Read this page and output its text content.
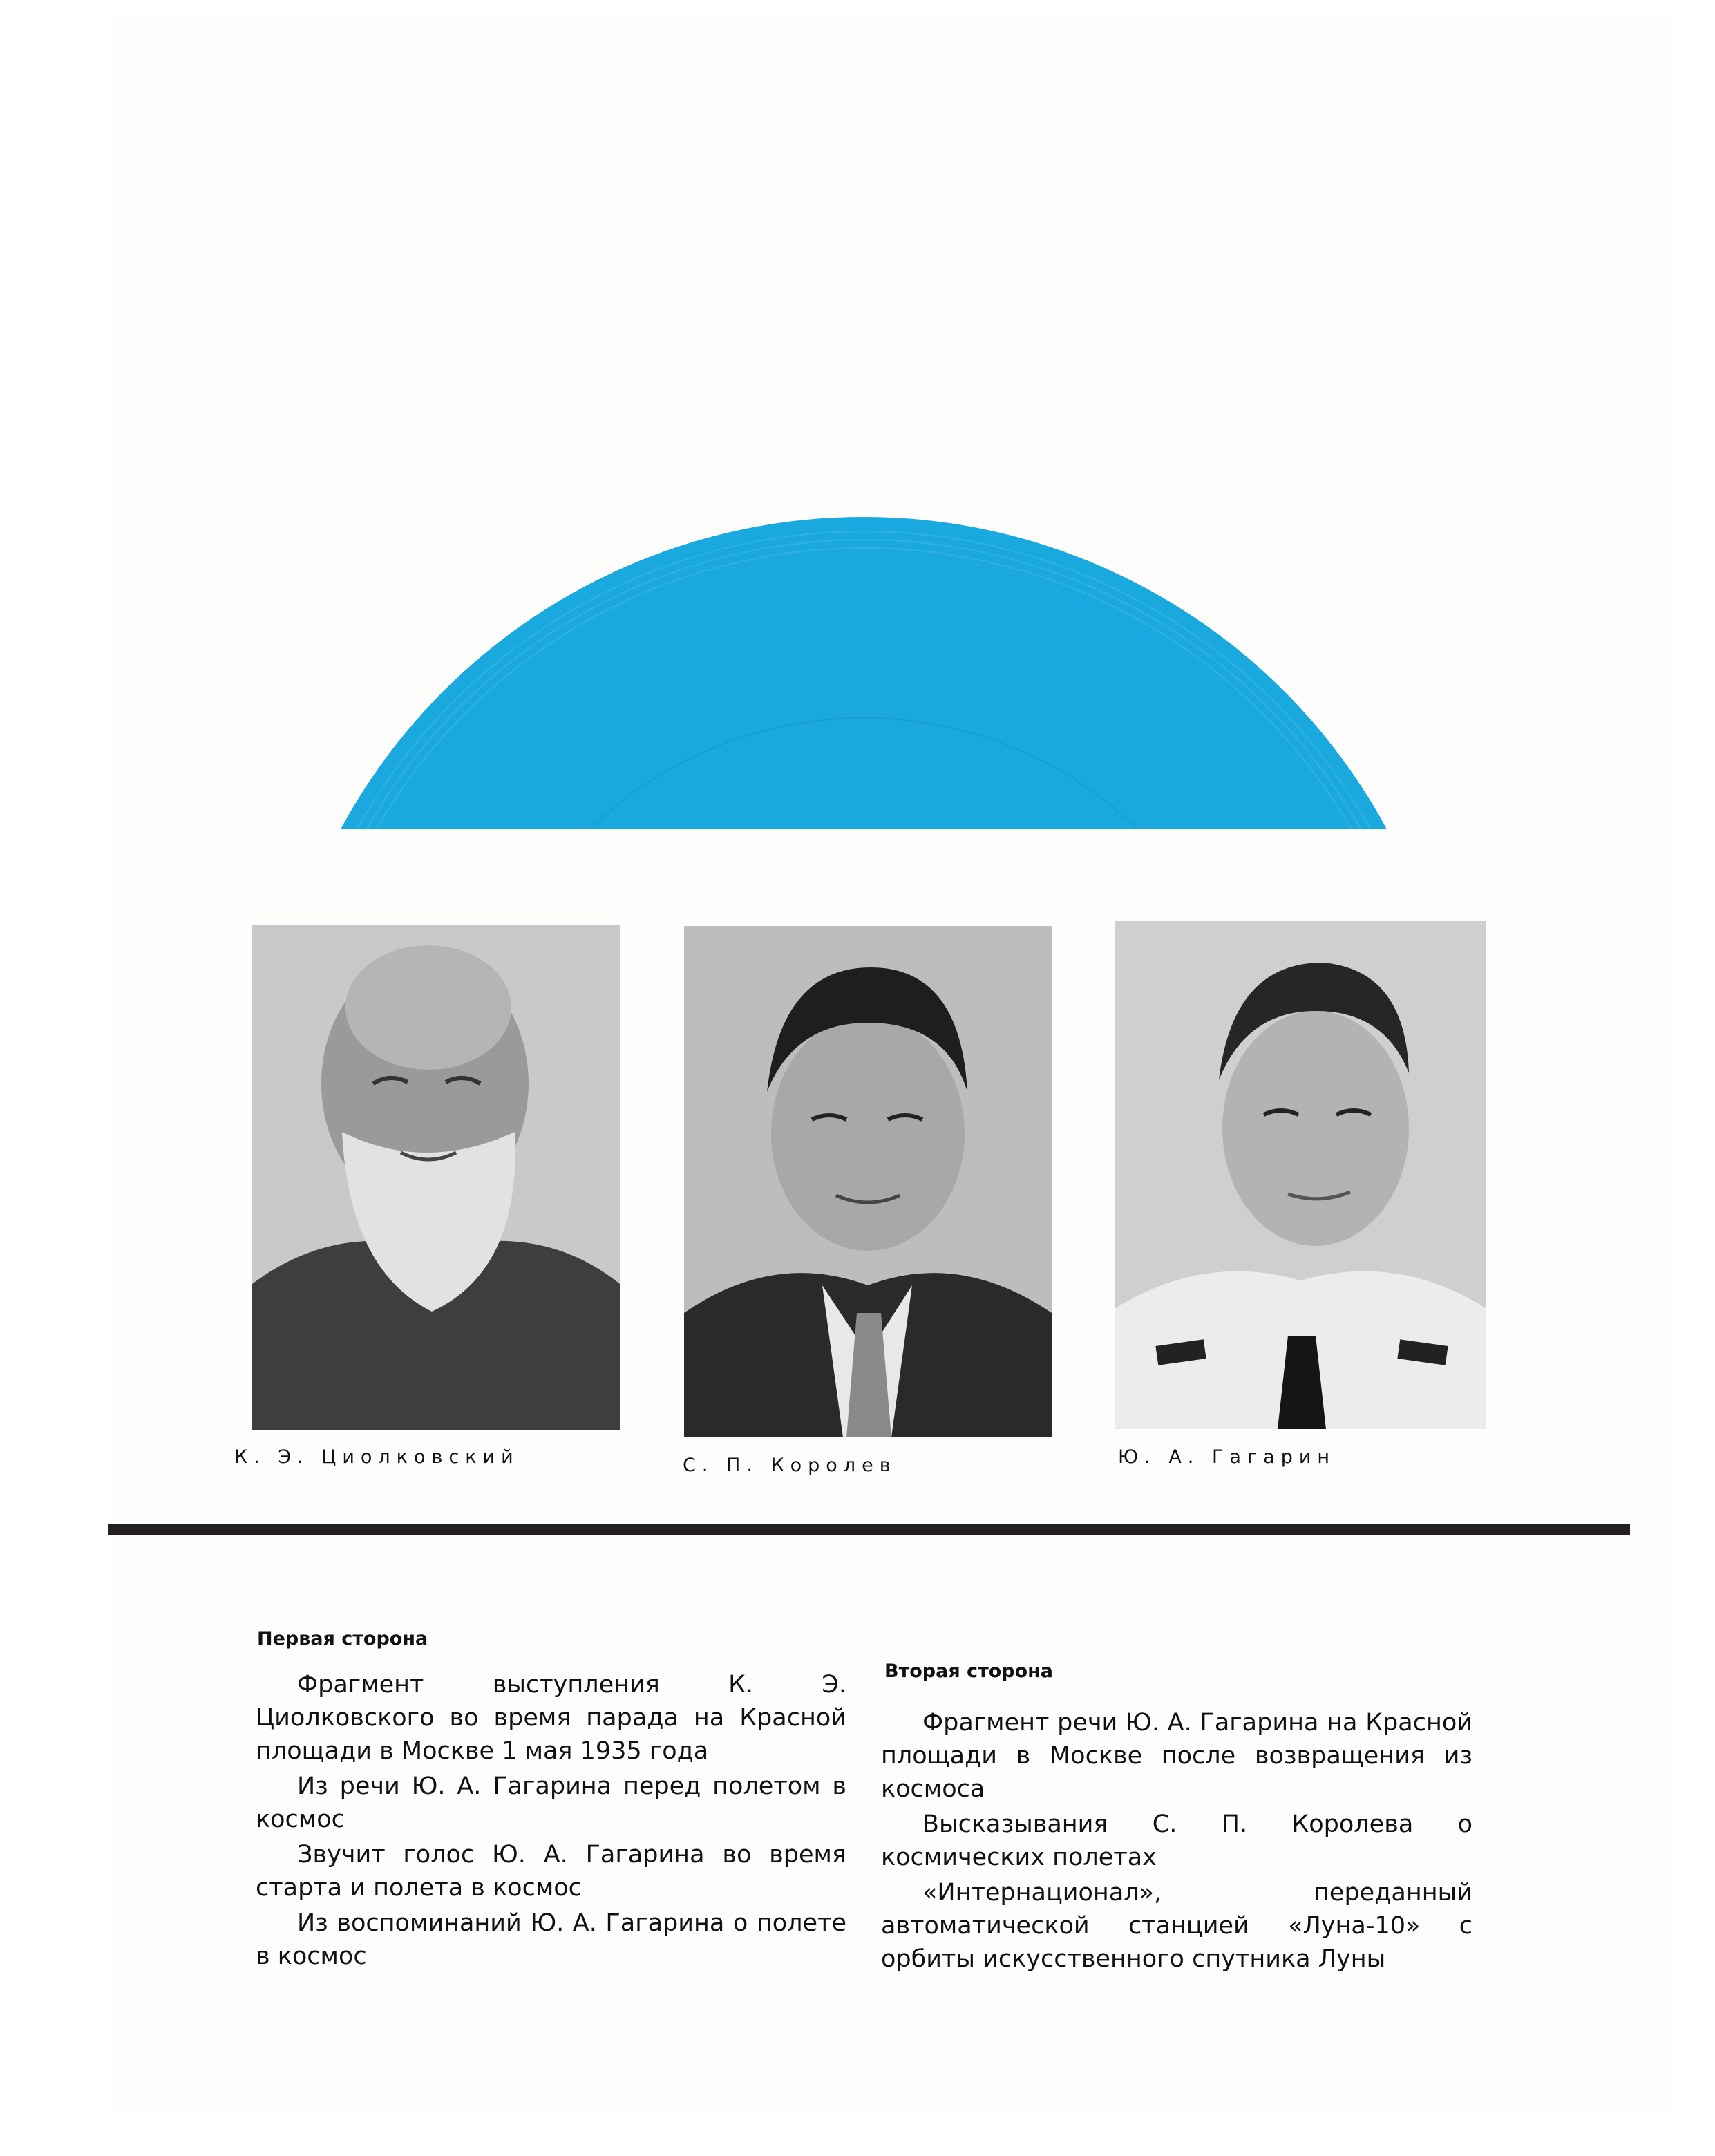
К. Э. Циолковский	С. П. Королев	Ю. А. Гагарин
Первая сторона

Фрагмент выступления К. Э. Циолковского во время парада на Красной площади в Москве 1 мая 1935 года

Из речи Ю. А. Гагарина перед полетом в космос

Звучит голос Ю. А. Гагарина во время старта и полета в космос

Из воспоминаний Ю. А. Гагарина о полете в космос

Вторая сторона

Фрагмент речи Ю. А. Гагарина на Красной площади в Москве после возвращения из космоса

Высказывания С. П. Королева о космических полетах

«Интернационал», переданный автоматической станцией «Луна-10» с орбиты искусственного спутника Луны
